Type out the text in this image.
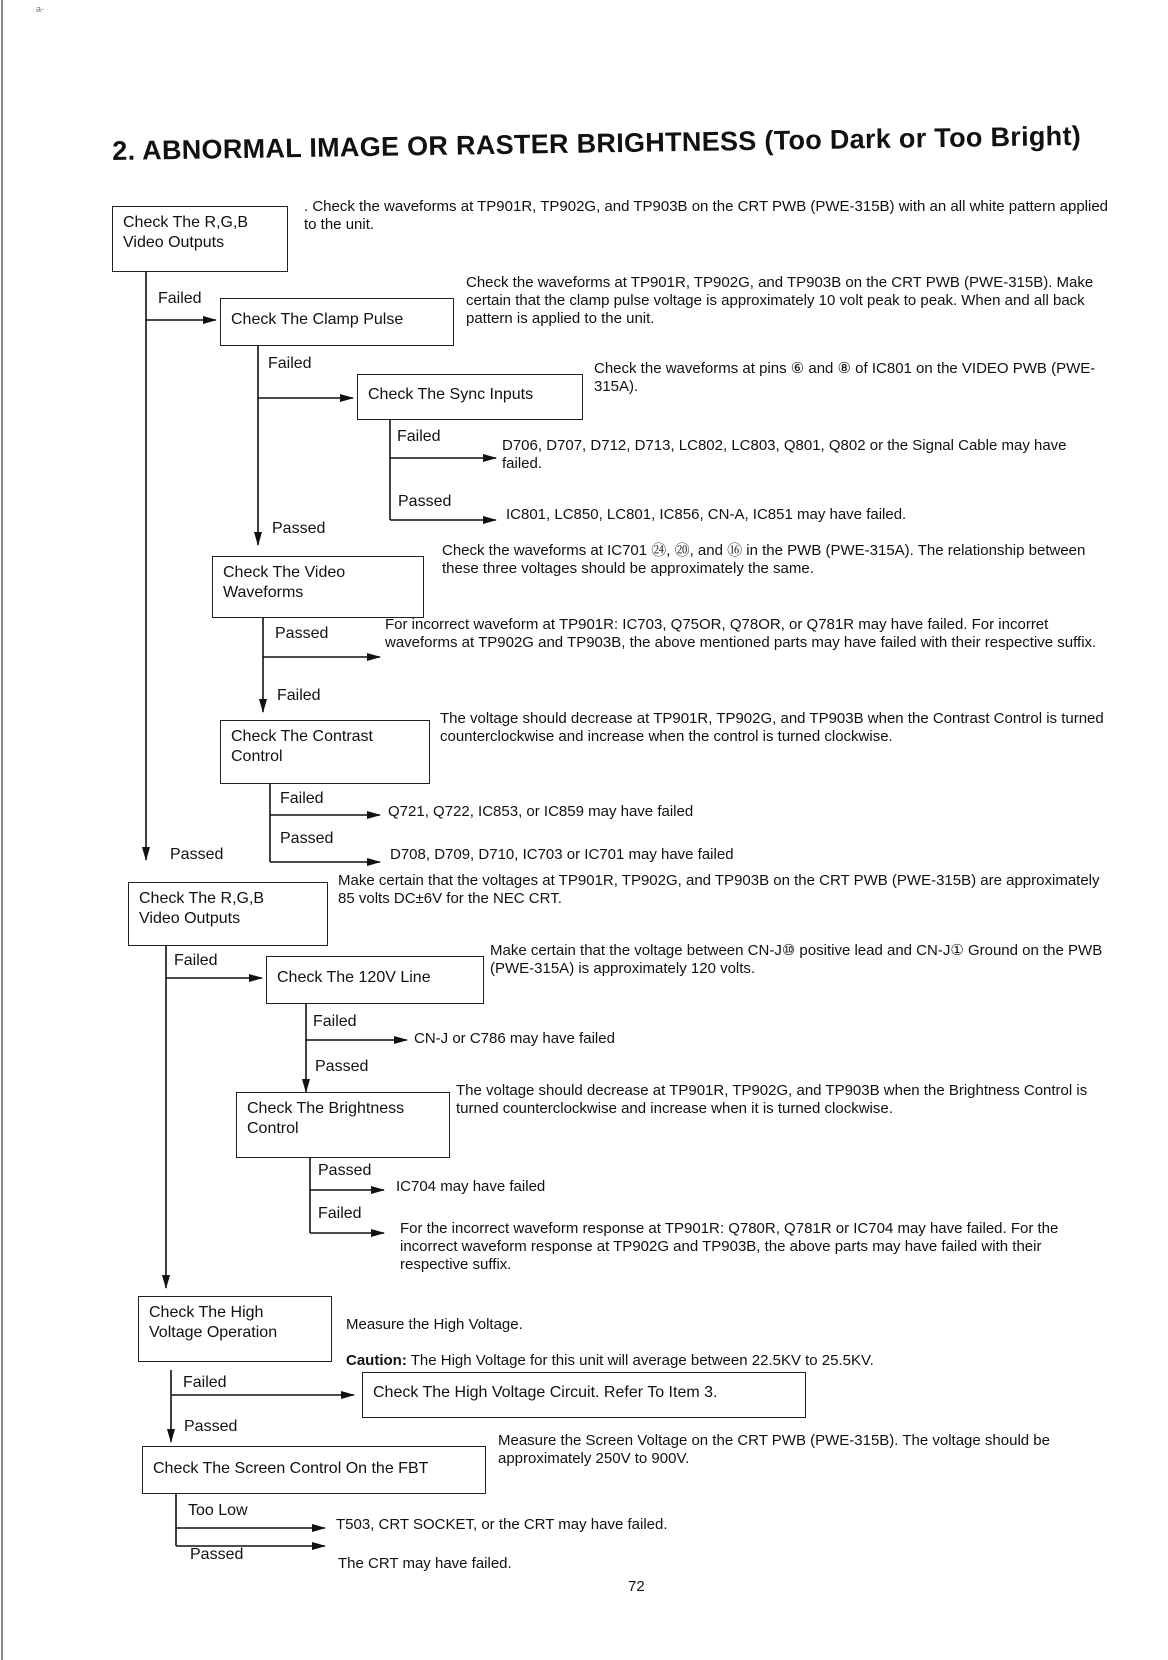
a-
2. ABNORMAL IMAGE OR RASTER BRIGHTNESS (Too Dark or Too Bright)
Check The R,G,B
Video Outputs
. Check the waveforms at TP901R, TP902G, and TP903B on the CRT PWB (PWE-315B) with an all white pattern applied to the unit.
Failed
Check The Clamp Pulse
Check the waveforms at TP901R, TP902G, and TP903B on the CRT PWB (PWE-315B). Make certain that the clamp pulse voltage is approximately 10 volt peak to peak. When and all back pattern is applied to the unit.
Failed
Check The Sync Inputs
Check the waveforms at pins ⑥ and ⑧ of IC801 on the VIDEO PWB (PWE-315A).
Failed
D706, D707, D712, D713, LC802, LC803, Q801, Q802 or the Signal Cable may have failed.
Passed
IC801, LC850, LC801, IC856, CN-A, IC851 may have failed.
Passed
Check The Video
Waveforms
Check the waveforms at IC701 ㉔, ⑳, and ⑯ in the PWB (PWE-315A). The relationship between these three voltages should be approximately the same.
Passed
For incorrect waveform at TP901R: IC703, Q75OR, Q78OR, or Q781R may have failed. For incorret waveforms at TP902G and TP903B, the above mentioned parts may have failed with their respective suffix.
Failed
Check The Contrast
Control
The voltage should decrease at TP901R, TP902G, and TP903B when the Contrast Control is turned counterclockwise and increase when the control is turned clockwise.
Failed
Q721, Q722, IC853, or IC859 may have failed
Passed
D708, D709, D710, IC703 or IC701 may have failed
Passed
Check The R,G,B
Video Outputs
Make certain that the voltages at TP901R, TP902G, and TP903B on the CRT PWB (PWE-315B) are approximately 85 volts DC±6V for the NEC CRT.
Failed
Check The 120V Line
Make certain that the voltage between CN-J⑩ positive lead and CN-J① Ground on the PWB (PWE-315A) is approximately 120 volts.
Failed
CN-J or C786 may have failed
Passed
Check The Brightness
Control
The voltage should decrease at TP901R, TP902G, and TP903B when the Brightness Control is turned counterclockwise and increase when it is turned clockwise.
Passed
IC704 may have failed
Failed
For the incorrect waveform response at TP901R: Q780R, Q781R or IC704 may have failed. For the incorrect waveform response at TP902G and TP903B, the above parts may have failed with their respective suffix.
Check The High
Voltage Operation	Measure the High Voltage.

Caution: The High Voltage for this unit will average between 22.5KV to 25.5KV.

Failed
Check The High Voltage Circuit. Refer To Item 3.
Passed
Check The Screen Control On the FBT
Measure the Screen Voltage on the CRT PWB (PWE-315B). The voltage should be approximately 250V to 900V.
Too Low
T503, CRT SOCKET, or the CRT may have failed.
Passed
The CRT may have failed.
72
